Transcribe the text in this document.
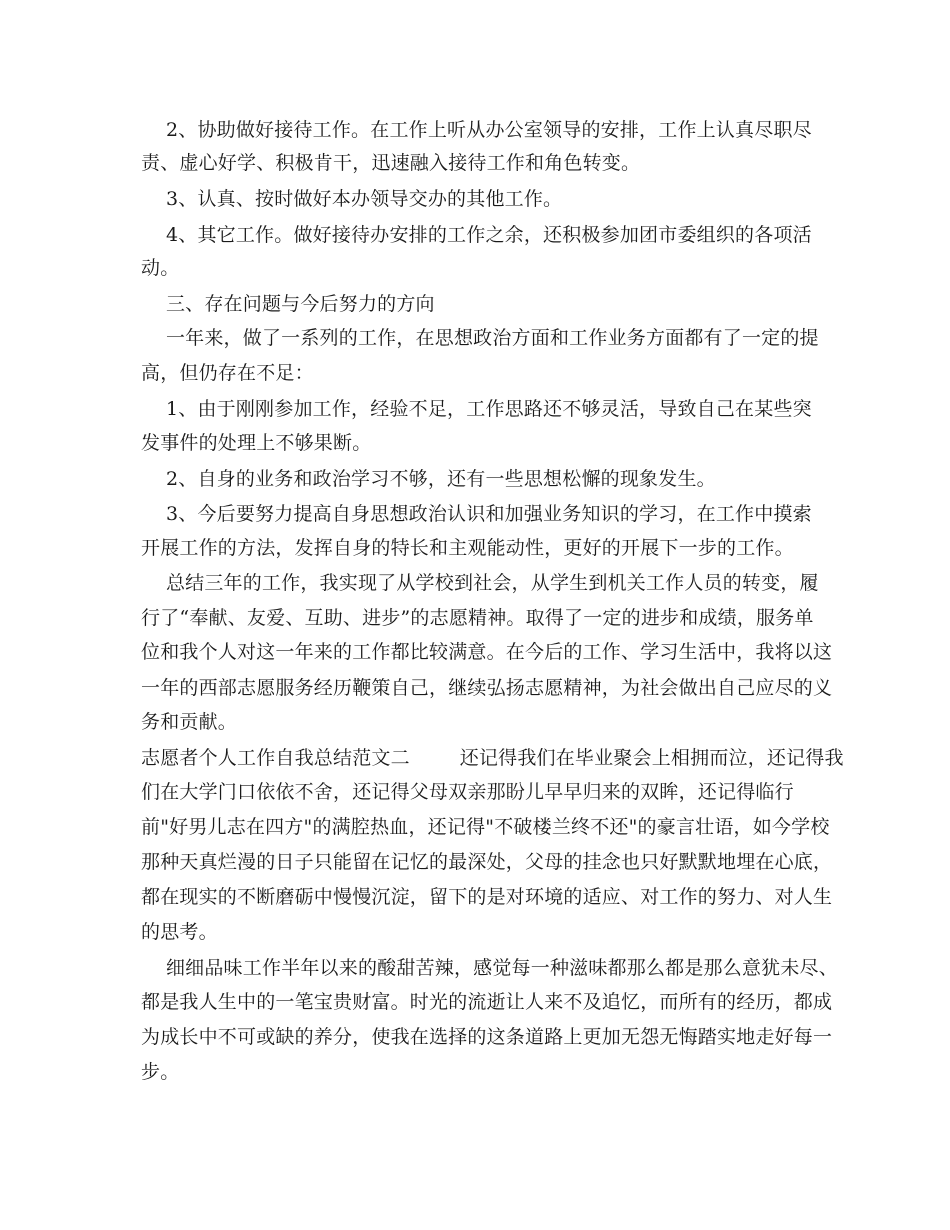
2、协助做好接待工作。在工作上听从办公室领导的安排，工作上认真尽职尽
责、虚心好学、积极肯干，迅速融入接待工作和角色转变。
3、认真、按时做好本办领导交办的其他工作。
4、其它工作。做好接待办安排的工作之余，还积极参加团市委组织的各项活
动。
三、存在问题与今后努力的方向
一年来，做了一系列的工作，在思想政治方面和工作业务方面都有了一定的提
高，但仍存在不足：
1、由于刚刚参加工作，经验不足，工作思路还不够灵活，导致自己在某些突
发事件的处理上不够果断。
2、自身的业务和政治学习不够，还有一些思想松懈的现象发生。
3、今后要努力提高自身思想政治认识和加强业务知识的学习，在工作中摸索
开展工作的方法，发挥自身的特长和主观能动性，更好的开展下一步的工作。
总结三年的工作，我实现了从学校到社会，从学生到机关工作人员的转变，履
行了“奉献、友爱、互助、进步”的志愿精神。取得了一定的进步和成绩，服务单
位和我个人对这一年来的工作都比较满意。在今后的工作、学习生活中，我将以这
一年的西部志愿服务经历鞭策自己，继续弘扬志愿精神，为社会做出自己应尽的义
务和贡献。
志愿者个人工作自我总结范文二        还记得我们在毕业聚会上相拥而泣，还记得我
们在大学门口依依不舍，还记得父母双亲那盼儿早早归来的双眸，还记得临行
前"好男儿志在四方"的满腔热血，还记得"不破楼兰终不还"的豪言壮语，如今学校
那种天真烂漫的日子只能留在记忆的最深处，父母的挂念也只好默默地埋在心底，
都在现实的不断磨砺中慢慢沉淀，留下的是对环境的适应、对工作的努力、对人生
的思考。
细细品味工作半年以来的酸甜苦辣，感觉每一种滋味都那么都是那么意犹未尽、
都是我人生中的一笔宝贵财富。时光的流逝让人来不及追忆，而所有的经历，都成
为成长中不可或缺的养分，使我在选择的这条道路上更加无怨无悔踏实地走好每一
步。
